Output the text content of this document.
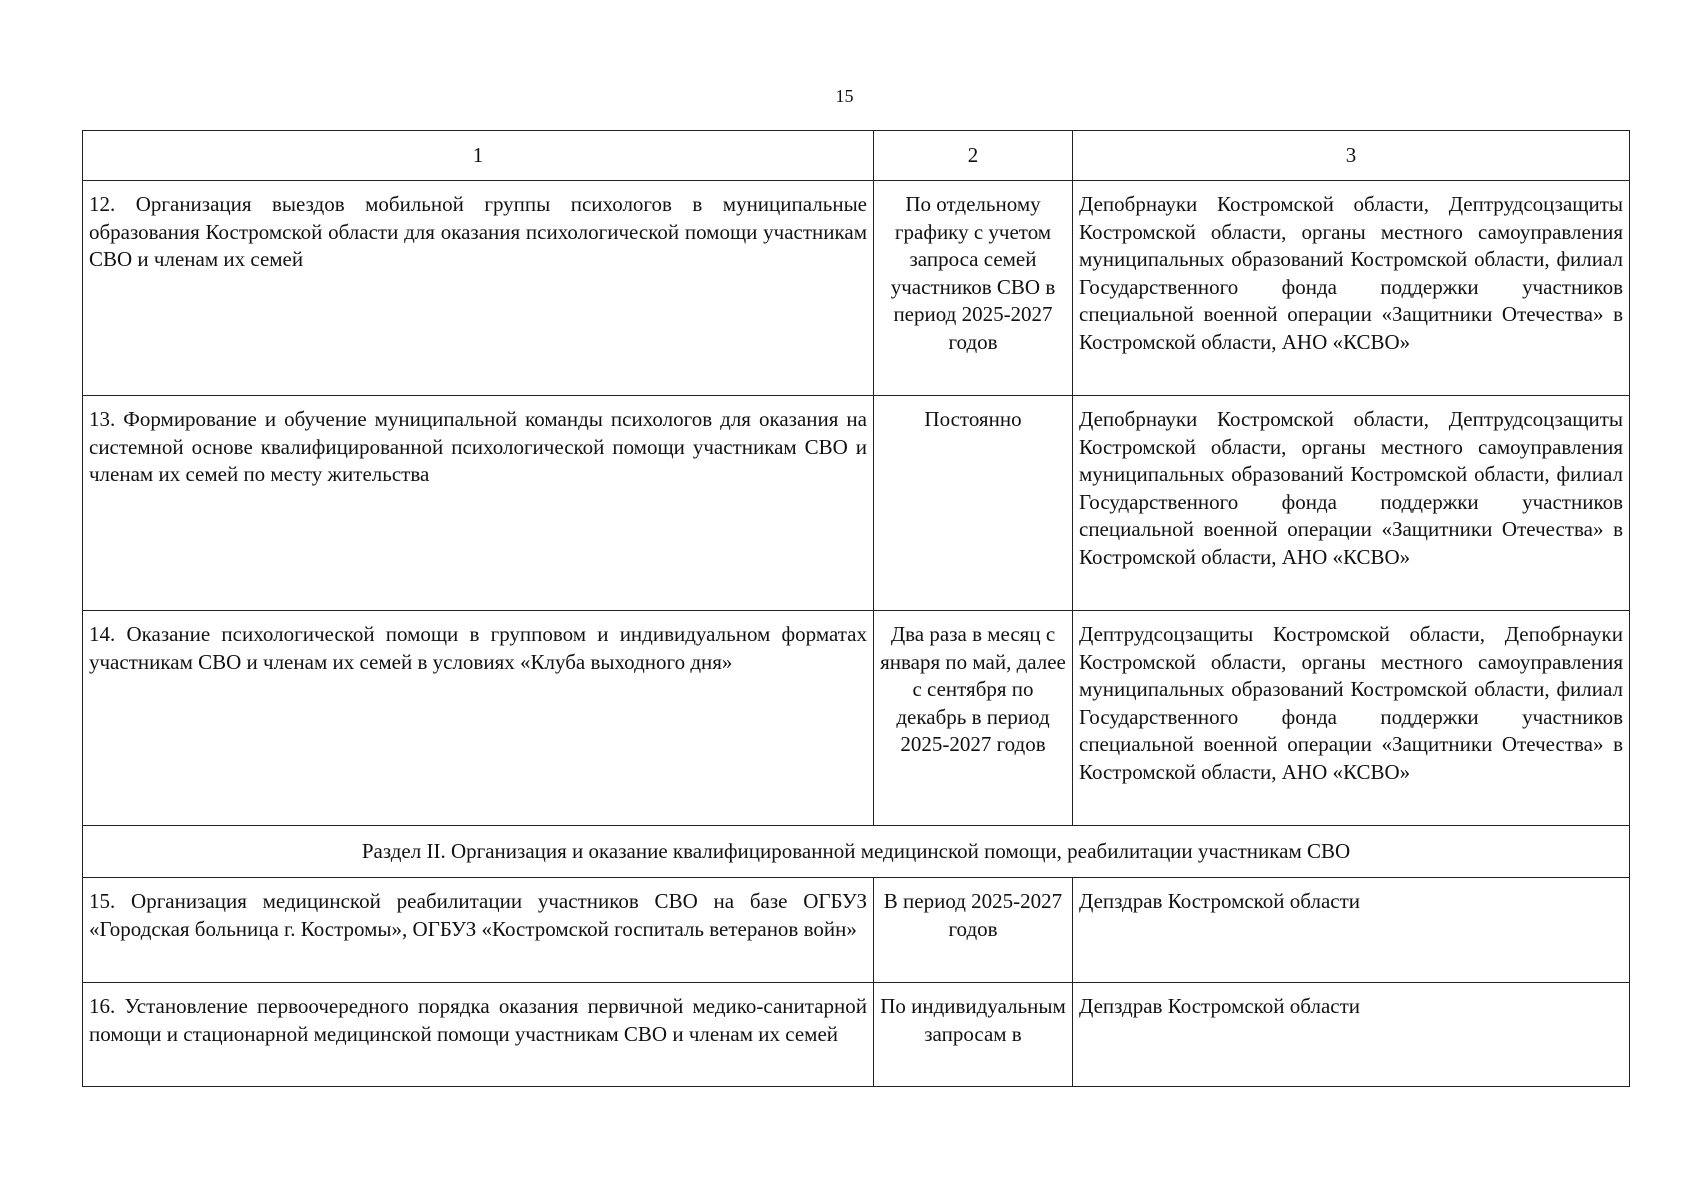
15
1	2	3
12. Организация выездов мобильной группы психологов в муниципальные образования Костромской области для оказания психологической помощи участникам СВО и членам их семей	По отдельному графику с учетом запроса семей участников СВО в период 2025-2027 годов	Депобрнауки Костромской области, Дептрудсоцзащиты Костромской области, органы местного самоуправления муниципальных образований Костромской области, филиал Государственного фонда поддержки участников специальной военной операции «Защитники Отечества» в Костромской области, АНО «КСВО»
13. Формирование и обучение муниципальной команды психологов для оказания на системной основе квалифицированной психологической помощи участникам СВО и членам их семей по месту жительства	Постоянно	Депобрнауки Костромской области, Дептрудсоцзащиты Костромской области, органы местного самоуправления муниципальных образований Костромской области, филиал Государственного фонда поддержки участников специальной военной операции «Защитники Отечества» в Костромской области, АНО «КСВО»
14. Оказание психологической помощи в групповом и индивидуальном форматах участникам СВО и членам их семей в условиях «Клуба выходного дня»	Два раза в месяц с января по май, далее с сентября по декабрь в период 2025-2027 годов	Дептрудсоцзащиты Костромской области, Депобрнауки Костромской области, органы местного самоуправления муниципальных образований Костромской области, филиал Государственного фонда поддержки участников специальной военной операции «Защитники Отечества» в Костромской области, АНО «КСВО»
Раздел II. Организация и оказание квалифицированной медицинской помощи, реабилитации участникам СВО		
15. Организация медицинской реабилитации участников СВО на базе ОГБУЗ «Городская больница г. Костромы», ОГБУЗ «Костромской госпиталь ветеранов войн»	В период 2025-2027 годов	Депздрав Костромской области
16. Установление первоочередного порядка оказания первичной медико-санитарной помощи и стационарной медицинской помощи участникам СВО и членам их семей	По индивидуальным запросам в	Депздрав Костромской области
